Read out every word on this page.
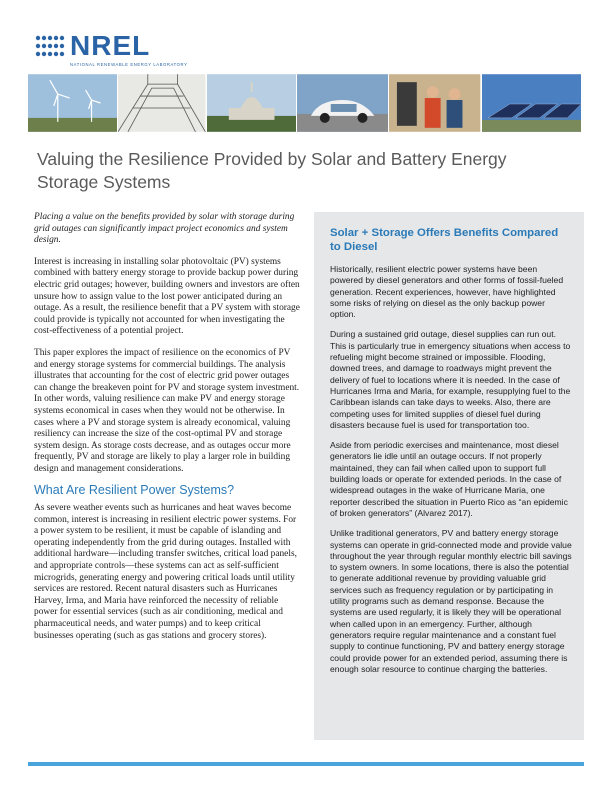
NREL
NATIONAL RENEWABLE ENERGY LABORATORY
Valuing the Resilience Provided by Solar and Battery Energy Storage Systems

Placing a value on the benefits provided by solar with storage during grid outages can significantly impact project economics and system design.

Interest is increasing in installing solar photovoltaic (PV) systems combined with battery energy storage to provide backup power during electric grid outages; however, building owners and investors are often unsure how to assign value to the lost power anticipated during an outage. As a result, the resilience benefit that a PV system with storage could provide is typically not accounted for when investigating the cost-effectiveness of a potential project.

This paper explores the impact of resilience on the economics of PV and energy storage systems for commercial buildings. The analysis illustrates that accounting for the cost of electric grid power outages can change the breakeven point for PV and storage system investment. In other words, valuing resilience can make PV and energy storage systems economical in cases when they would not be otherwise. In cases where a PV and storage system is already economical, valuing resiliency can increase the size of the cost-optimal PV and storage system design. As storage costs decrease, and as outages occur more frequently, PV and storage are likely to play a larger role in building design and management considerations.

What Are Resilient Power Systems?

As severe weather events such as hurricanes and heat waves become common, interest is increasing in resilient electric power systems. For a power system to be resilient, it must be capable of islanding and operating independently from the grid during outages. Installed with additional hardware—including transfer switches, critical load panels, and appropriate controls—these systems can act as self-sufficient microgrids, generating energy and powering critical loads until utility services are restored. Recent natural disasters such as Hurricanes Harvey, Irma, and Maria have reinforced the necessity of reliable power for essential services (such as air conditioning, medical and pharmaceutical needs, and water pumps) and to keep critical businesses operating (such as gas stations and grocery stores).

Solar + Storage Offers Benefits Compared to Diesel

Historically, resilient electric power systems have been powered by diesel generators and other forms of fossil-fueled generation. Recent experiences, however, have highlighted some risks of relying on diesel as the only backup power option.

During a sustained grid outage, diesel supplies can run out. This is particularly true in emergency situations when access to refueling might become strained or impossible. Flooding, downed trees, and damage to roadways might prevent the delivery of fuel to locations where it is needed. In the case of Hurricanes Irma and Maria, for example, resupplying fuel to the Caribbean islands can take days to weeks. Also, there are competing uses for limited supplies of diesel fuel during disasters because fuel is used for transportation too.

Aside from periodic exercises and maintenance, most diesel generators lie idle until an outage occurs. If not properly maintained, they can fail when called upon to support full building loads or operate for extended periods. In the case of widespread outages in the wake of Hurricane Maria, one reporter described the situation in Puerto Rico as “an epidemic of broken generators” (Alvarez 2017).

Unlike traditional generators, PV and battery energy storage systems can operate in grid-connected mode and provide value throughout the year through regular monthly electric bill savings to system owners. In some locations, there is also the potential to generate additional revenue by providing valuable grid services such as frequency regulation or by participating in utility programs such as demand response. Because the systems are used regularly, it is likely they will be operational when called upon in an emergency. Further, although generators require regular maintenance and a constant fuel supply to continue functioning, PV and battery energy storage could provide power for an extended period, assuming there is enough solar resource to continue charging the batteries.
